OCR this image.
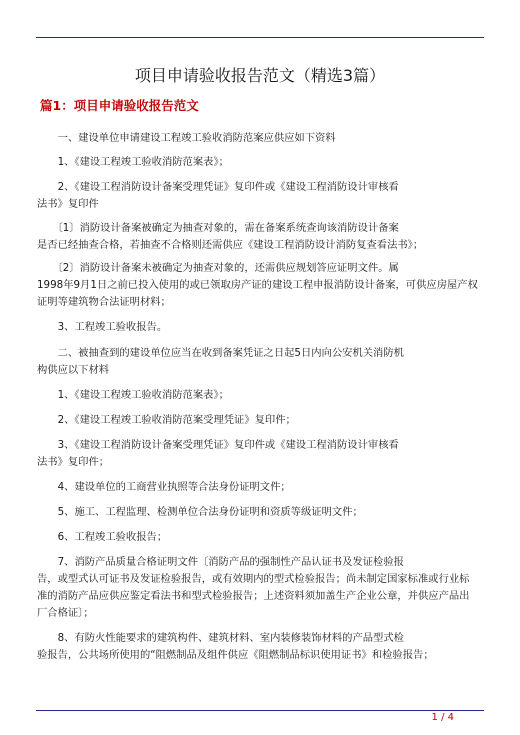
项目申请验收报告范文（精选3篇）
篇1：项目申请验收报告范文
　　一、建设单位申请建设工程竣工验收消防范案应供应如下资料
　　1、《建设工程竣工验收消防范案表》；
　　2、《建设工程消防设计备案受理凭证》复印件或《建设工程消防设计审核看
法书》复印件
　　〔1〕消防设计备案被确定为抽查对象的，需在备案系统查询该消防设计备案
是否已经抽查合格，若抽查不合格则还需供应《建设工程消防设计消防复查看法书》；
　　〔2〕消防设计备案未被确定为抽查对象的，还需供应规划答应证明文件。属
1998年9月1日之前已投入使用的或已领取房产证的建设工程申报消防设计备案，可供应房屋产权
证明等建筑物合法证明材料；
　　3、工程竣工验收报告。
　　二、被抽查到的建设单位应当在收到备案凭证之日起5日内向公安机关消防机
构供应以下材料
　　1、《建设工程竣工验收消防范案表》；
　　2、《建设工程竣工验收消防范案受理凭证》复印件；
　　3、《建设工程消防设计备案受理凭证》复印件或《建设工程消防设计审核看
法书》复印件；
　　4、建设单位的工商营业执照等合法身份证明文件；
　　5、施工、工程监理、检测单位合法身份证明和资质等级证明文件；
　　6、工程竣工验收报告；
　　7、消防产品质量合格证明文件〔消防产品的强制性产品认证书及发证检验报
告，或型式认可证书及发证检验报告，或有效期内的型式检验报告；尚未制定国家标准或行业标
准的消防产品应供应鉴定看法书和型式检验报告；上述资料须加盖生产企业公章，并供应产品出
厂合格证〕；
　　8、有防火性能要求的建筑构件、建筑材料、室内装修装饰材料的产品型式检
验报告，公共场所使用的“阻燃制品及组件供应《阻燃制品标识使用证书》和检验报告；
1 / 4
